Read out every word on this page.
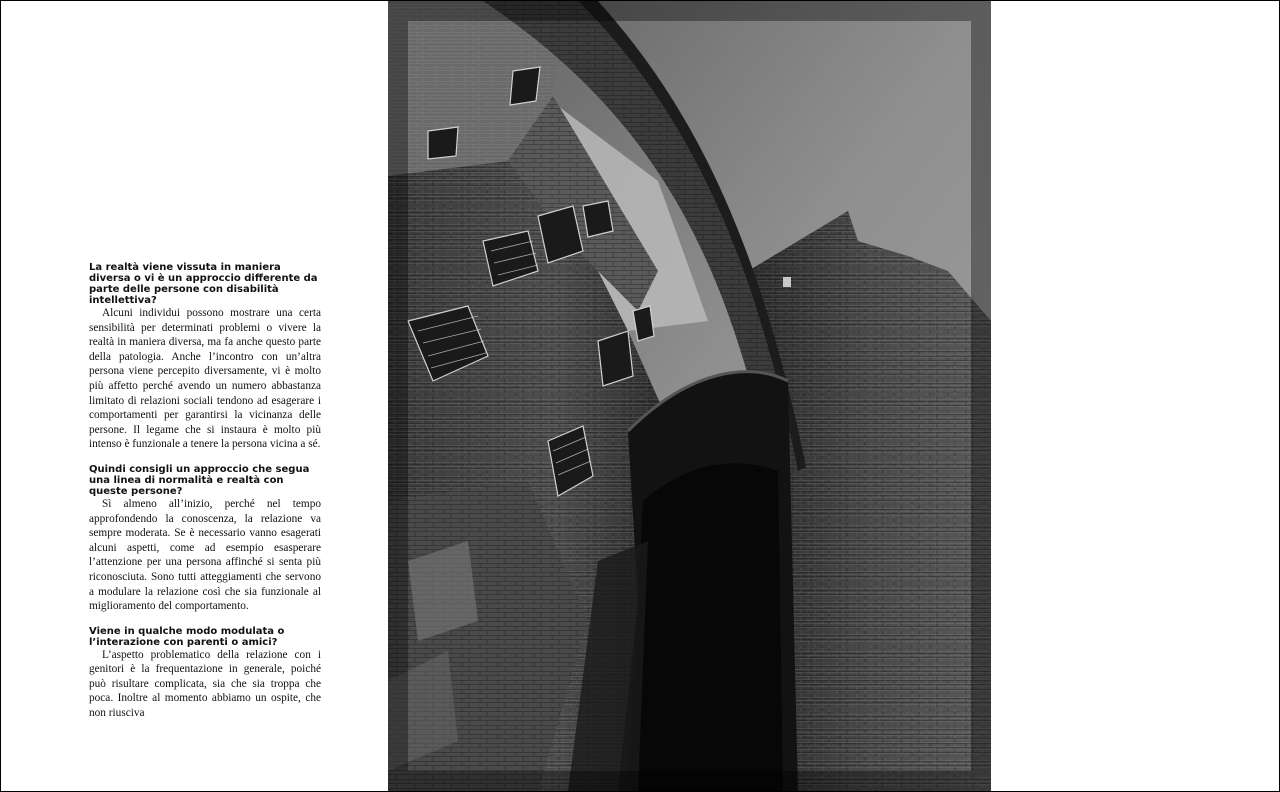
La realtà viene vissuta in maniera diversa o vi è un approccio differente da parte delle persone con disabilità intellettiva?

Alcuni individui possono mostrare una certa sensibilità per determinati problemi o vivere la realtà in maniera diversa, ma fa anche questo parte della patologia. Anche l’incontro con un’altra persona viene percepito diversamente, vi è molto più affetto perché avendo un numero abbastanza limitato di relazioni sociali tendono ad esagerare i comportamenti per garantirsi la vicinanza delle persone. Il legame che si instaura è molto più intenso è funzionale a tenere la persona vicina a sé.

Quindi consigli un approccio che segua una linea di normalità e realtà con queste persone?

Sì almeno all’inizio, perché nel tempo approfondendo la conoscenza, la relazione va sempre moderata. Se è necessario vanno esagerati alcuni aspetti, come ad esempio esasperare l’attenzione per una persona affinché si senta più riconosciuta. Sono tutti atteggiamenti che servono a modulare la relazione così che sia funzionale al miglioramento del comportamento.

Viene in qualche modo modulata o l’interazione con parenti o amici?

L’aspetto problematico della relazione con i genitori è la frequentazione in generale, poiché può risultare complicata, sia che sia troppa che poca. Inoltre al momento abbiamo un ospite, che non riusciva
